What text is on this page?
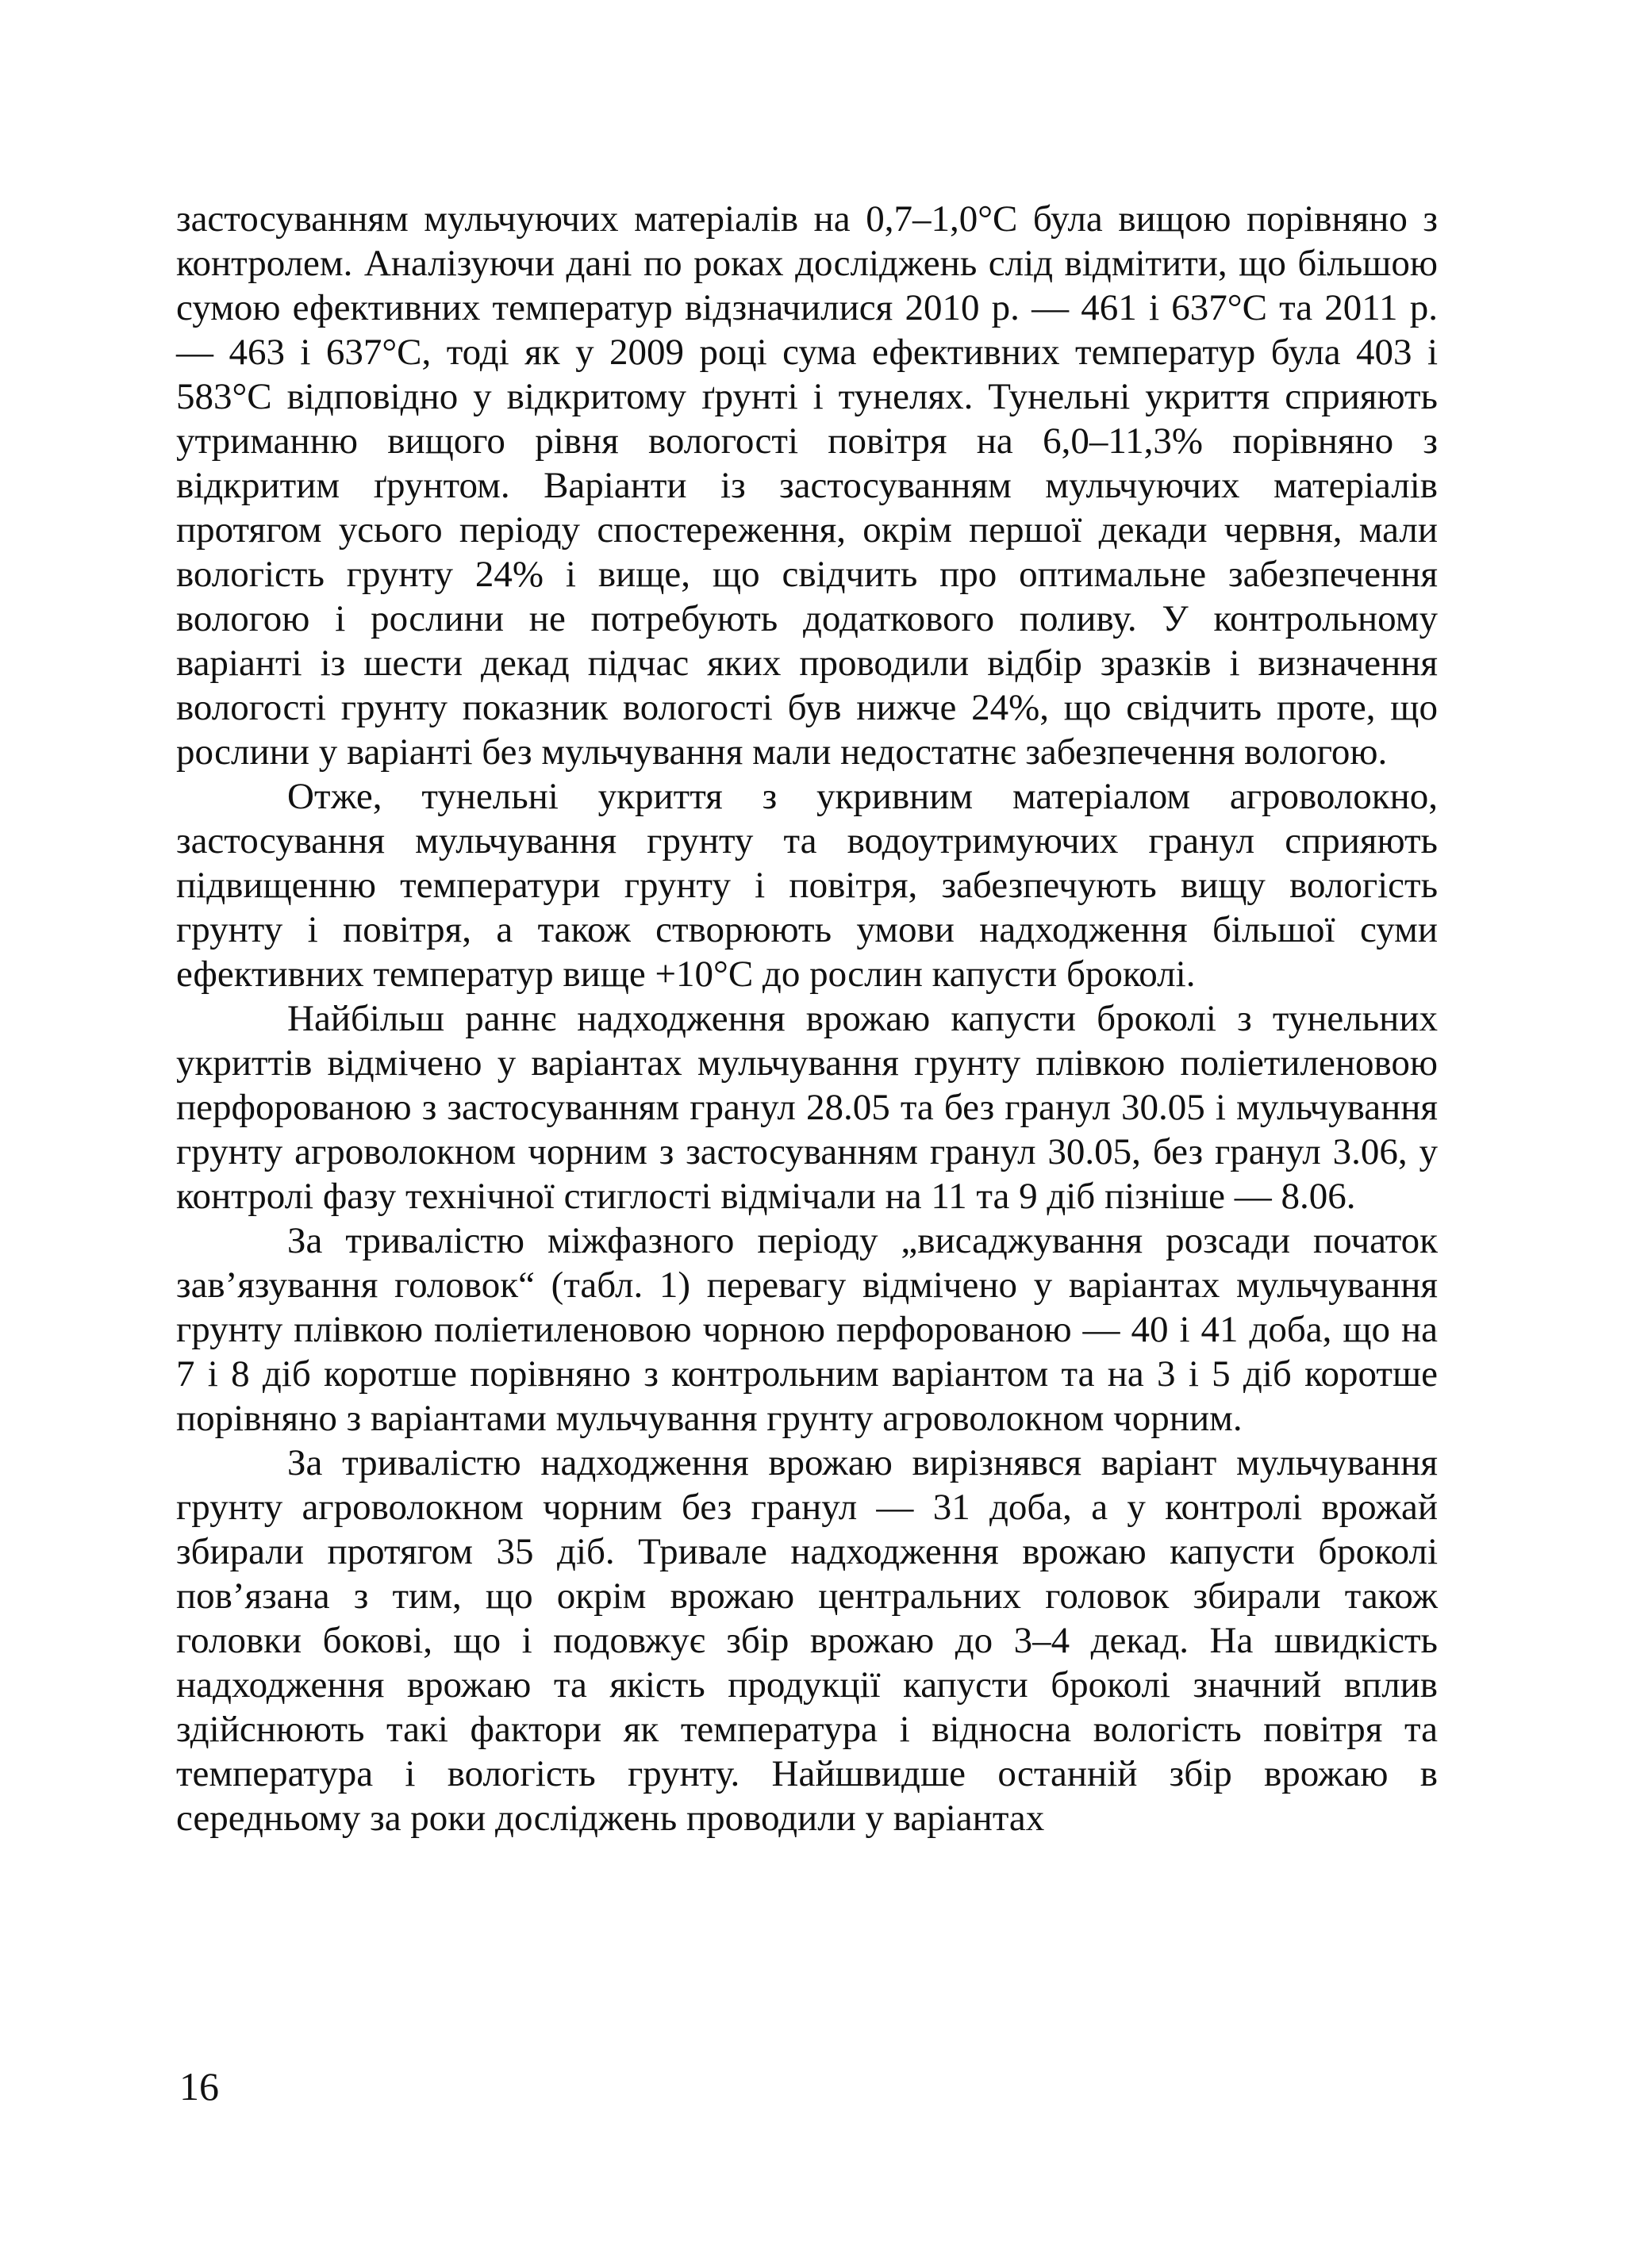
застосуванням мульчуючих матеріалів на 0,7–1,0°С була вищою порівняно з контролем. Аналізуючи дані по роках досліджень слід відмітити, що більшою сумою ефективних температур відзначилися 2010 р. — 461 і 637°С та 2011 р. — 463 і 637°С, тоді як у 2009 році сума ефективних температур була 403 і 583°С відповідно у відкритому ґрунті і тунелях. Тунельні укриття сприяють утриманню вищого рівня вологості повітря на 6,0–11,3% порівняно з відкритим ґрунтом. Варіанти із застосуванням мульчуючих матеріалів протягом усього періоду спостереження, окрім першої декади червня, мали вологість грунту 24% і вище, що свідчить про оптимальне забезпечення вологою і рослини не потребують додаткового поливу. У контрольному варіанті із шести декад підчас яких проводили відбір зразків і визначення вологості грунту показник вологості був нижче 24%, що свідчить проте, що рослини у варіанті без мульчування мали недостатнє забезпечення вологою.

Отже, тунельні укриття з укривним матеріалом агроволокно, застосування мульчування грунту та водоутримуючих гранул сприяють підвищенню температури грунту і повітря, забезпечують вищу вологість грунту і повітря, а також створюють умови надходження більшої суми ефективних температур вище +10°С до рослин капусти броколі.

Найбільш раннє надходження врожаю капусти броколі з тунельних укриттів відмічено у варіантах мульчування грунту плівкою поліетиленовою перфорованою з застосуванням гранул 28.05 та без гранул 30.05 і мульчування грунту агроволокном чорним з застосуванням гранул 30.05, без гранул 3.06, у контролі фазу технічної стиглості відмічали на 11 та 9 діб пізніше — 8.06.

За тривалістю міжфазного періоду „висаджування розсади початок зав’язування головок“ (табл. 1) перевагу відмічено у варіантах мульчування грунту плівкою поліетиленовою чорною перфорованою — 40 і 41 доба, що на 7 і 8 діб коротше порівняно з контрольним варіантом та на 3 і 5 діб коротше порівняно з варіантами мульчування грунту агроволокном чорним.

За тривалістю надходження врожаю вирізнявся варіант мульчування грунту агроволокном чорним без гранул — 31 доба, а у контролі врожай збирали протягом 35 діб. Тривале надходження врожаю капусти броколі пов’язана з тим, що окрім врожаю центральних головок збирали також головки бокові, що і подовжує збір врожаю до 3–4 декад. На швидкість надходження врожаю та якість продукції капусти броколі значний вплив здійснюють такі фактори як температура і відносна вологість повітря та температура і вологість грунту. Найшвидше останній збір врожаю в середньому за роки досліджень проводили у варіантах

16
